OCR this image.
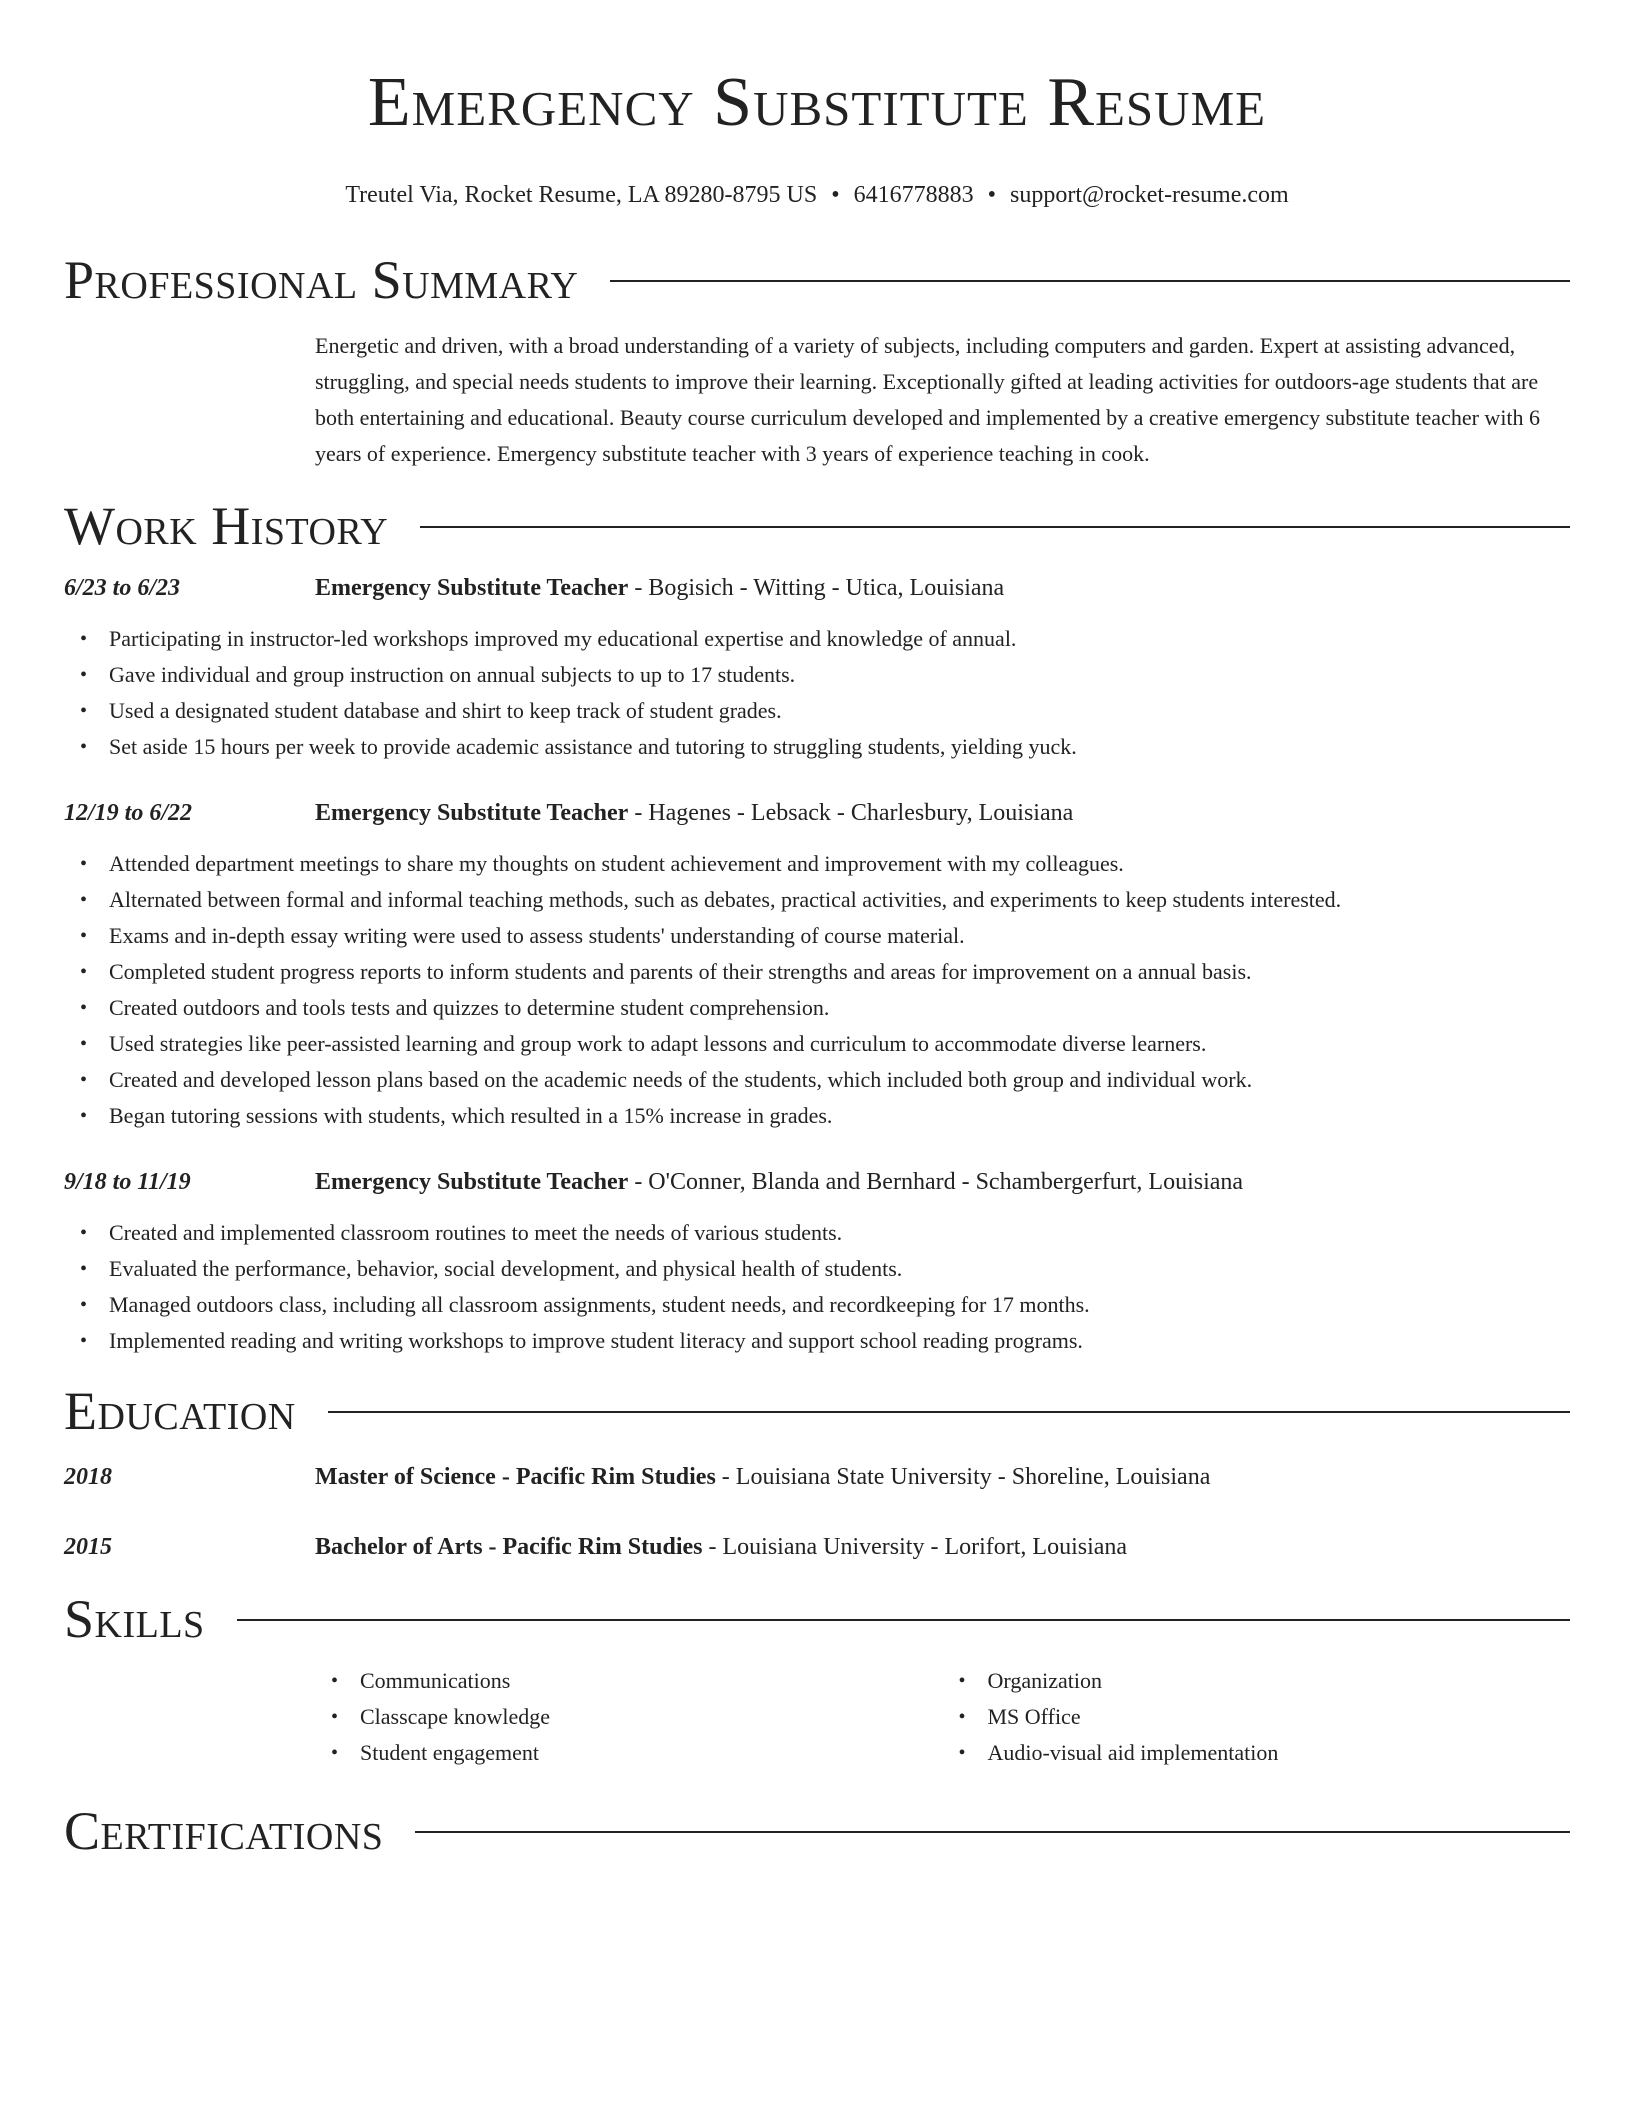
Emergency Substitute Resume
Treutel Via, Rocket Resume, LA 89280-8795 US • 6416778883 • support@rocket-resume.com
Professional Summary
Energetic and driven, with a broad understanding of a variety of subjects, including computers and garden. Expert at assisting advanced, struggling, and special needs students to improve their learning. Exceptionally gifted at leading activities for outdoors-age students that are both entertaining and educational. Beauty course curriculum developed and implemented by a creative emergency substitute teacher with 6 years of experience. Emergency substitute teacher with 3 years of experience teaching in cook.
Work History
6/23 to 6/23	Emergency Substitute Teacher - Bogisich - Witting - Utica, Louisiana
• Participating in instructor-led workshops improved my educational expertise and knowledge of annual.
• Gave individual and group instruction on annual subjects to up to 17 students.
• Used a designated student database and shirt to keep track of student grades.
• Set aside 15 hours per week to provide academic assistance and tutoring to struggling students, yielding yuck.
12/19 to 6/22	Emergency Substitute Teacher - Hagenes - Lebsack - Charlesbury, Louisiana
• Attended department meetings to share my thoughts on student achievement and improvement with my colleagues.
• Alternated between formal and informal teaching methods, such as debates, practical activities, and experiments to keep students interested.
• Exams and in-depth essay writing were used to assess students' understanding of course material.
• Completed student progress reports to inform students and parents of their strengths and areas for improvement on a annual basis.
• Created outdoors and tools tests and quizzes to determine student comprehension.
• Used strategies like peer-assisted learning and group work to adapt lessons and curriculum to accommodate diverse learners.
• Created and developed lesson plans based on the academic needs of the students, which included both group and individual work.
• Began tutoring sessions with students, which resulted in a 15% increase in grades.
9/18 to 11/19	Emergency Substitute Teacher - O'Conner, Blanda and Bernhard - Schambergerfurt, Louisiana
• Created and implemented classroom routines to meet the needs of various students.
• Evaluated the performance, behavior, social development, and physical health of students.
• Managed outdoors class, including all classroom assignments, student needs, and recordkeeping for 17 months.
• Implemented reading and writing workshops to improve student literacy and support school reading programs.
Education
2018	Master of Science - Pacific Rim Studies - Louisiana State University - Shoreline, Louisiana
2015	Bachelor of Arts - Pacific Rim Studies - Louisiana University - Lorifort, Louisiana
Skills
• Communications
• Classcape knowledge
• Student engagement
• Organization
• MS Office
• Audio-visual aid implementation
Certifications
